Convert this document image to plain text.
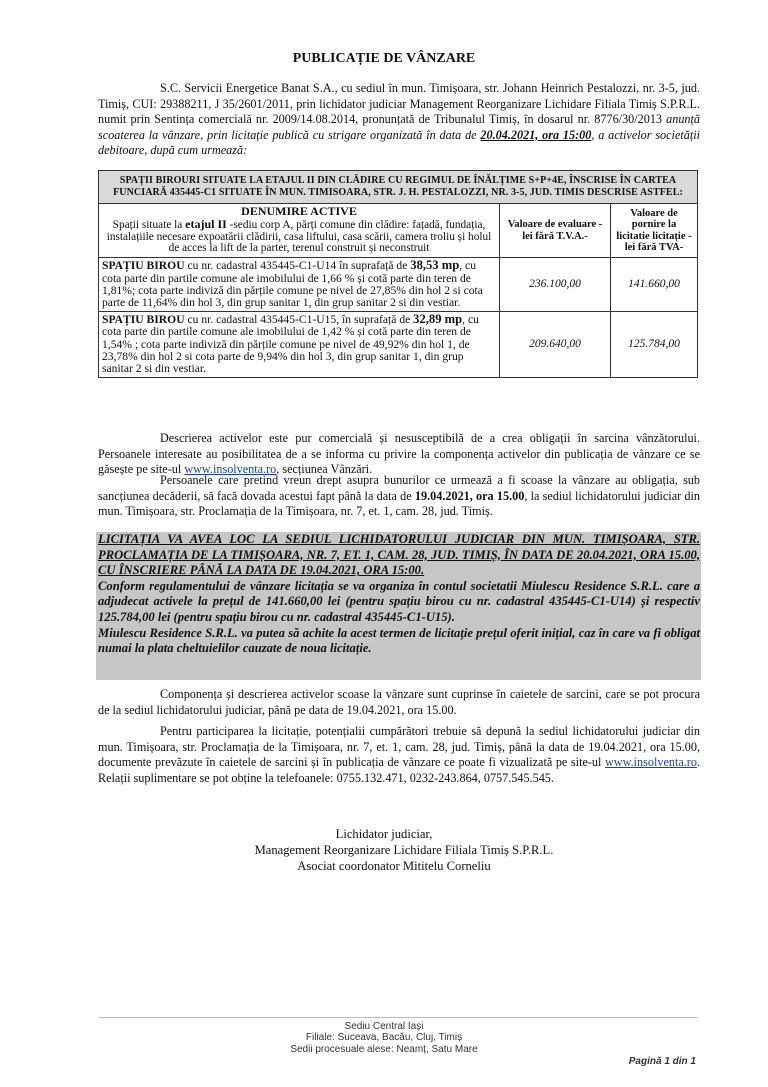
PUBLICAȚIE DE VÂNZARE
S.C. Servicii Energetice Banat S.A., cu sediul în mun. Timișoara, str. Johann Heinrich Pestalozzi, nr. 3-5, jud. Timiș, CUI: 29388211, J 35/2601/2011, prin lichidator judiciar Management Reorganizare Lichidare Filiala Timiș S.P.R.L. numit prin Sentința comercială nr. 2009/14.08.2014, pronunțată de Tribunalul Timiș, în dosarul nr. 8776/30/2013 anunță scoaterea la vânzare, prin licitație publică cu strigare organizată în data de 20.04.2021, ora 15:00, a activelor societății debitoare, după cum urmează:
SPAȚII BIROURI SITUATE LA ETAJUL II DIN CLĂDIRE CU REGIMUL DE ÎNĂLȚIME S+P+4E, ÎNSCRISE ÎN CARTEA FUNCIARĂ 435445-C1 SITUATE ÎN MUN. TIMISOARA, STR. J. H. PESTALOZZI, NR. 3-5, JUD. TIMIS DESCRISE ASTFEL:		
DENUMIRE ACTIVE
Spații situate la etajul II -sediu corp A, părți comune din clădire: fațadă, fundația, instalațiile necesare expoatării clădirii, casa liftului, casa scării, camera troliu și holul de acces la lift de la parter, terenul construit și neconstruit	Valoare de evaluare - lei fără T.V.A.-	Valoare de pornire la licitatie licitație - lei fără TVA-
SPAȚIU BIROU cu nr. cadastral 435445-C1-U14 în suprafață de 38,53 mp, cu cota parte din partile comune ale imobilului de 1,66 % și cotă parte din teren de 1,81%; cota parte indiviză din părțile comune pe nivel de 27,85% din hol 2 si cota parte de 11,64% din hol 3, din grup sanitar 1, din grup sanitar 2 si din vestiar.	236.100,00	141.660,00
SPAȚIU BIROU cu nr. cadastral 435445-C1-U15, în suprafață de 32,89 mp, cu cota parte din partile comune ale imobilului de 1,42 % și cotă parte din teren de 1,54% ; cota parte indiviză din părțile comune pe nivel de 49,92% din hol 1, de 23,78% din hol 2 si cota parte de 9,94% din hol 3, din grup sanitar 1, din grup sanitar 2 si din vestiar.	209.640,00	125.784,00
Descrierea activelor este pur comercială și nesusceptibilă de a crea obligații în sarcina vânzătorului. Persoanele interesate au posibilitatea de a se informa cu privire la componența activelor din publicația de vânzare ce se găsește pe site-ul www.insolventa.ro, secțiunea Vânzări.
Persoanele care pretind vreun drept asupra bunurilor ce urmează a fi scoase la vânzare au obligația, sub sancțiunea decăderii, să facă dovada acestui fapt până la data de 19.04.2021, ora 15.00, la sediul lichidatorului judiciar din mun. Timișoara, str. Proclamația de la Timișoara, nr. 7, et. 1, cam. 28, jud. Timiș.
LICITAȚIA VA AVEA LOC LA SEDIUL LICHIDATORULUI JUDICIAR DIN MUN. TIMIȘOARA, STR. PROCLAMAȚIA DE LA TIMIȘOARA, NR. 7, ET. 1, CAM. 28, JUD. TIMIȘ, ÎN DATA DE 20.04.2021, ORA 15.00, CU ÎNSCRIERE PÂNĂ LA DATA DE 19.04.2021, ORA 15:00.
Conform regulamentului de vânzare licitația se va organiza în contul societatii Miulescu Residence S.R.L. care a adjudecat activele la prețul de 141.660,00 lei (pentru spațiu birou cu nr. cadastral 435445-C1-U14) și respectiv 125.784,00 lei (pentru spațiu birou cu nr. cadastral 435445-C1-U15).
Miulescu Residence S.R.L. va putea să achite la acest termen de licitație prețul oferit inițial, caz în care va fi obligat numai la plata cheltuielilor cauzate de noua licitație.
Componența și descrierea activelor scoase la vânzare sunt cuprinse în caietele de sarcini, care se pot procura de la sediul lichidatorului judiciar, până pe data de 19.04.2021, ora 15.00.
Pentru participarea la licitație, potențialii cumpărători trebuie să depună la sediul lichidatorului judiciar din mun. Timișoara, str. Proclamația de la Timișoara, nr. 7, et. 1, cam. 28, jud. Timiș, până la data de 19.04.2021, ora 15.00, documente prevăzute în caietele de sarcini și în publicația de vânzare ce poate fi vizualizată pe site-ul www.insolventa.ro. Relații suplimentare se pot obține la telefoanele: 0755.132.471, 0232-243.864, 0757.545.545.
Lichidator judiciar,
Management Reorganizare Lichidare Filiala Timiș S.P.R.L.
Asociat coordonator Mititelu Corneliu
Sediu Central Iași
Filiale: Suceava, Bacău, Cluj, Timiș
Sedii procesuale alese: Neamț, Satu Mare
Pagină 1 din 1
